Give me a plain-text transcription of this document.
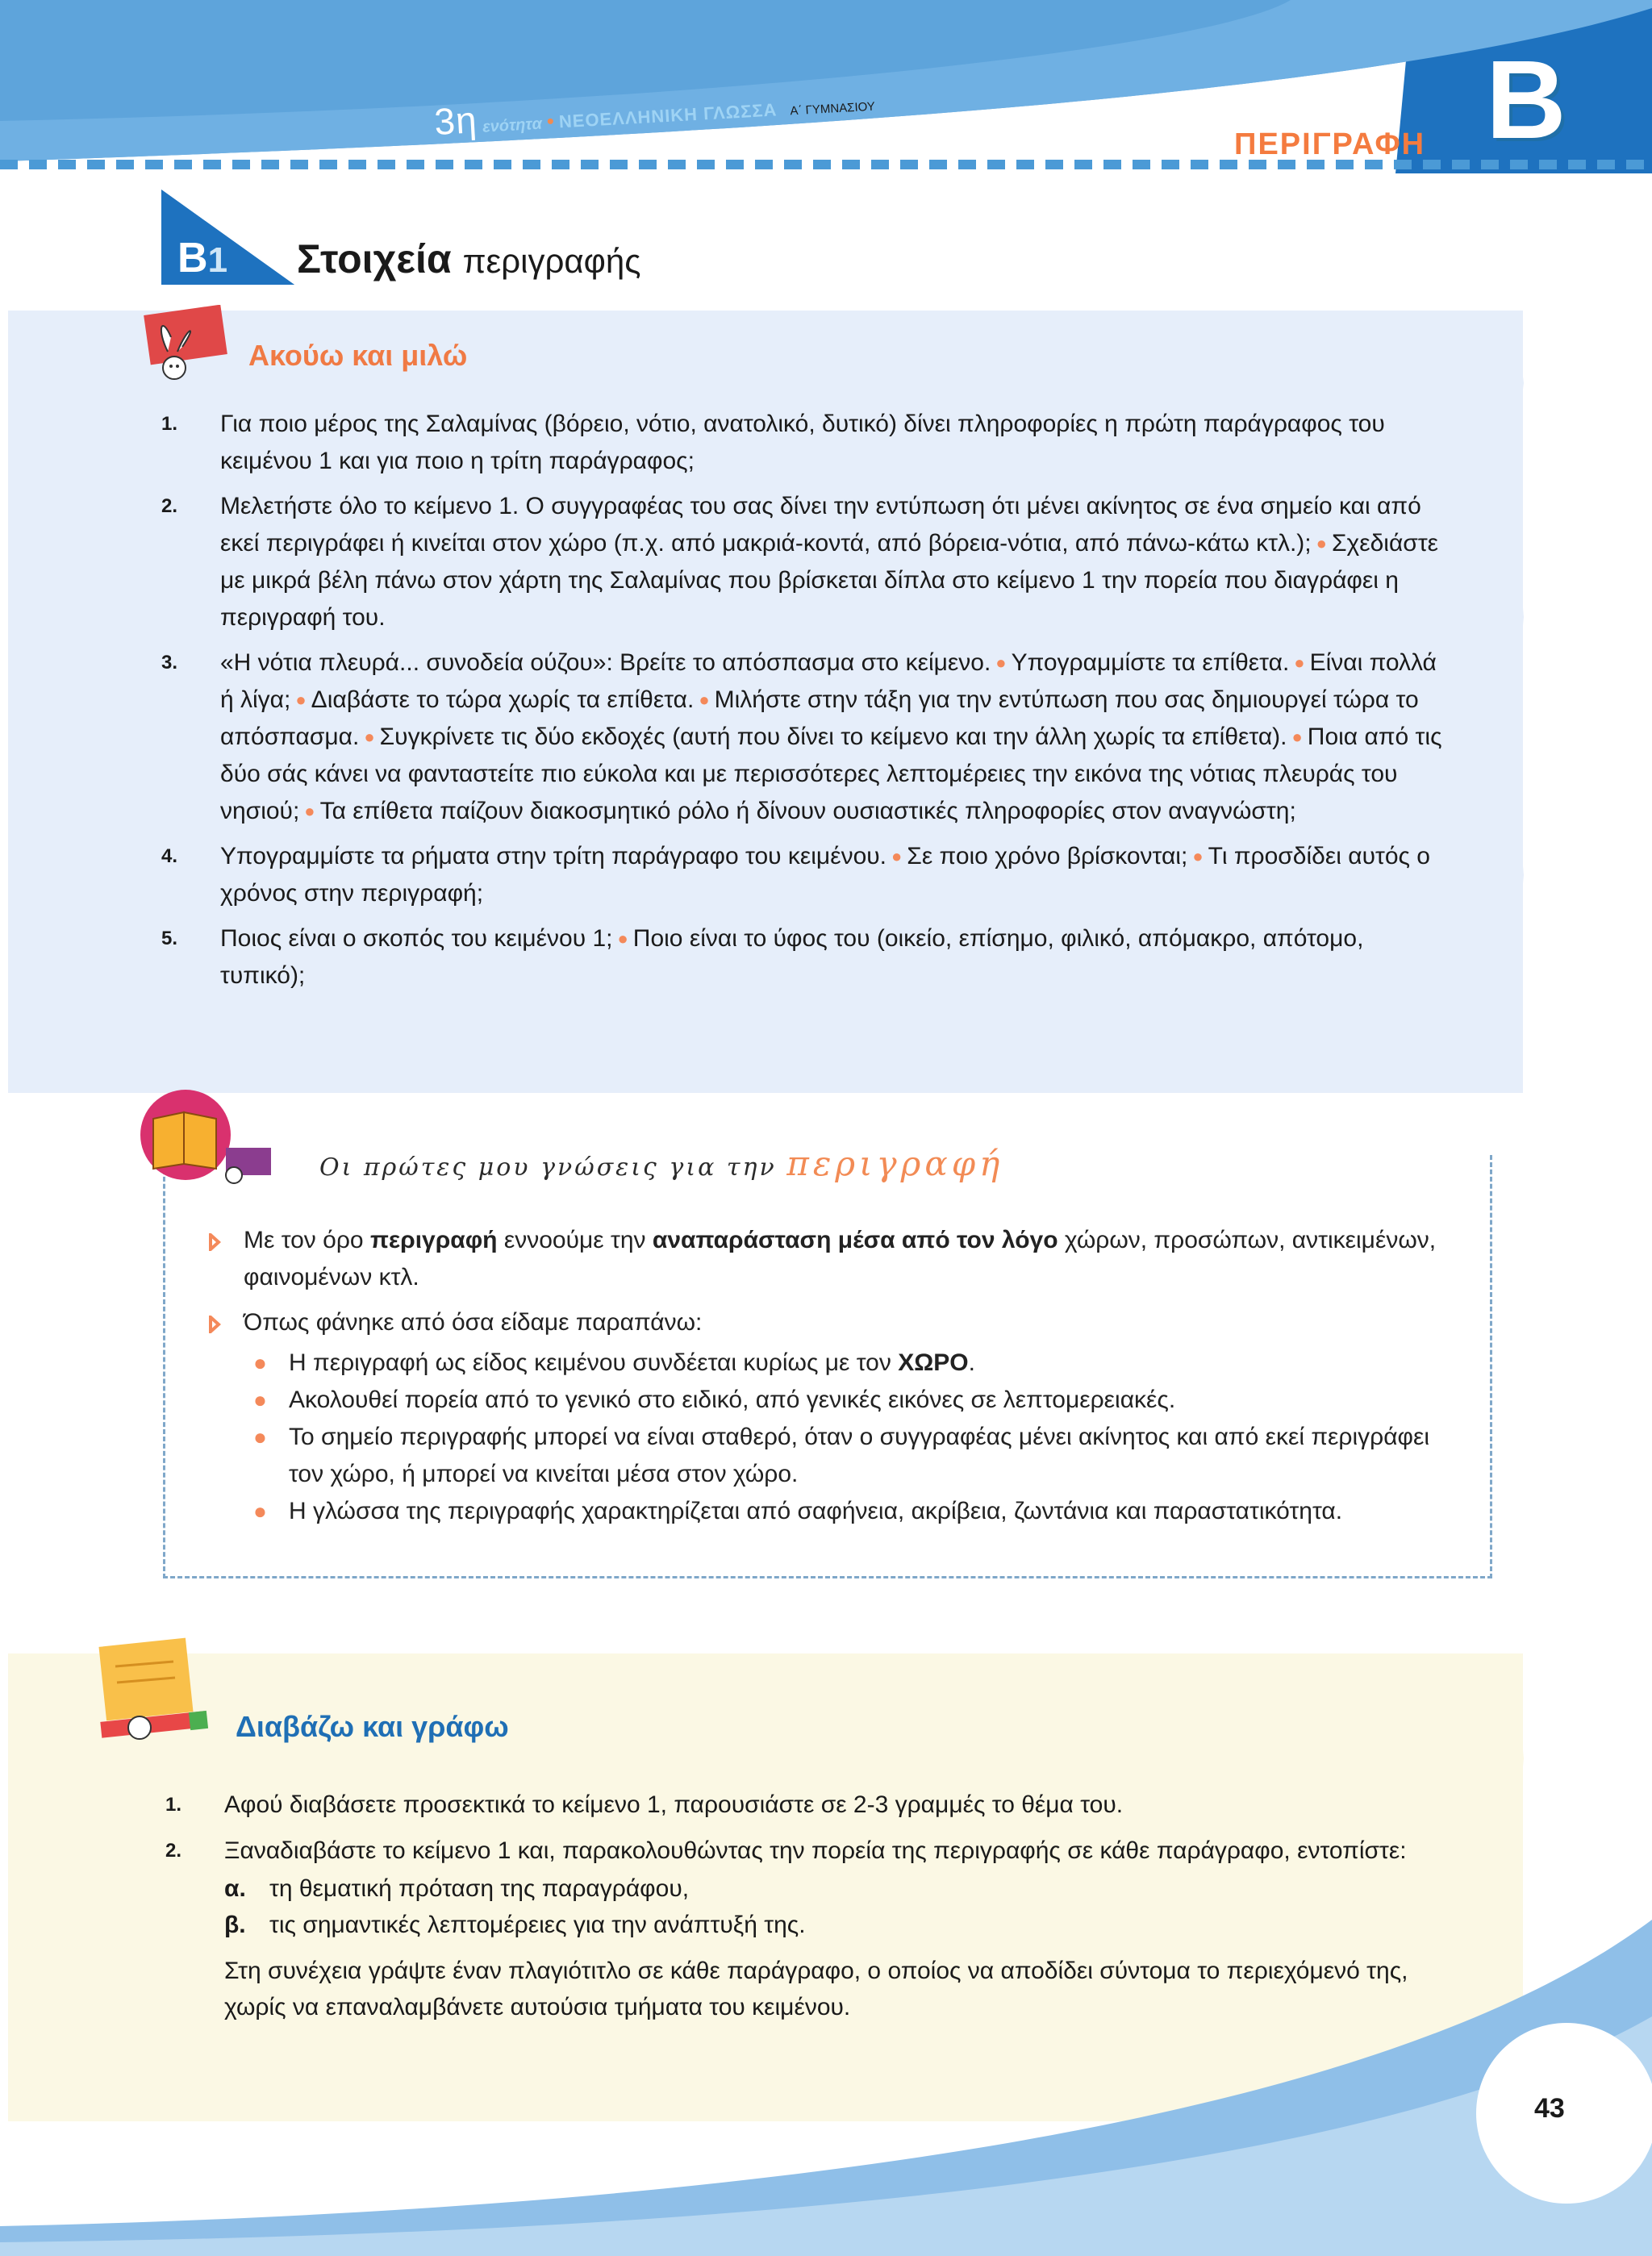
3η ενότητα • ΝΕΟΕΛΛΗΝΙΚΗ ΓΛΩΣΣΑ Α΄ ΓΥΜΝΑΣΙΟΥ
ΠΕΡΙΓΡΑΦΗ Β
Β1 Στοιχεία περιγραφής
Ακούω και μιλώ
1. Για ποιο μέρος της Σαλαμίνας (βόρειο, νότιο, ανατολικό, δυτικό) δίνει πληροφορίες η πρώτη παράγραφος του κειμένου 1 και για ποιο η τρίτη παράγραφος;
2. Μελετήστε όλο το κείμενο 1. Ο συγγραφέας του σας δίνει την εντύπωση ότι μένει ακίνητος σε ένα σημείο και από εκεί περιγράφει ή κινείται στον χώρο (π.χ. από μακριά-κοντά, από βόρεια-νότια, από πάνω-κάτω κτλ.); ● Σχεδιάστε με μικρά βέλη πάνω στον χάρτη της Σαλαμίνας που βρίσκεται δίπλα στο κείμενο 1 την πορεία που διαγράφει η περιγραφή του.
3. «Η νότια πλευρά... συνοδεία ούζου»: Βρείτε το απόσπασμα στο κείμενο. ● Υπογραμμίστε τα επίθετα. ● Είναι πολλά ή λίγα; ● Διαβάστε το τώρα χωρίς τα επίθετα. ● Μιλήστε στην τάξη για την εντύπωση που σας δημιουργεί τώρα το απόσπασμα. ● Συγκρίνετε τις δύο εκδοχές (αυτή που δίνει το κείμενο και την άλλη χωρίς τα επίθετα). ● Ποια από τις δύο σάς κάνει να φανταστείτε πιο εύκολα και με περισσότερες λεπτομέρειες την εικόνα της νότιας πλευράς του νησιού; ● Τα επίθετα παίζουν διακοσμητικό ρόλο ή δίνουν ουσιαστικές πληροφορίες στον αναγνώστη;
4. Υπογραμμίστε τα ρήματα στην τρίτη παράγραφο του κειμένου. ● Σε ποιο χρόνο βρίσκονται; ● Τι προσδίδει αυτός ο χρόνος στην περιγραφή;
5. Ποιος είναι ο σκοπός του κειμένου 1; ● Ποιο είναι το ύφος του (οικείο, επίσημο, φιλικό, απόμακρο, απότομο, τυπικό);
Οι πρώτες μου γνώσεις για την περιγραφή
Με τον όρο περιγραφή εννοούμε την αναπαράσταση μέσα από τον λόγο χώρων, προσώπων, αντικειμένων, φαινομένων κτλ.
Όπως φάνηκε από όσα είδαμε παραπάνω:
● Η περιγραφή ως είδος κειμένου συνδέεται κυρίως με τον ΧΩΡΟ.
● Ακολουθεί πορεία από το γενικό στο ειδικό, από γενικές εικόνες σε λεπτομερειακές.
● Το σημείο περιγραφής μπορεί να είναι σταθερό, όταν ο συγγραφέας μένει ακίνητος και από εκεί περιγράφει τον χώρο, ή μπορεί να κινείται μέσα στον χώρο.
● Η γλώσσα της περιγραφής χαρακτηρίζεται από σαφήνεια, ακρίβεια, ζωντάνια και παραστατικότητα.
Διαβάζω και γράφω
1. Αφού διαβάσετε προσεκτικά το κείμενο 1, παρουσιάστε σε 2-3 γραμμές το θέμα του.
2. Ξαναδιαβάστε το κείμενο 1 και, παρακολουθώντας την πορεία της περιγραφής σε κάθε παράγραφο, εντοπίστε:
α. τη θεματική πρόταση της παραγράφου,
β. τις σημαντικές λεπτομέρειες για την ανάπτυξή της.
Στη συνέχεια γράψτε έναν πλαγιότιτλο σε κάθε παράγραφο, ο οποίος να αποδίδει σύντομα το περιεχόμενό της, χωρίς να επαναλαμβάνετε αυτούσια τμήματα του κειμένου.
43
